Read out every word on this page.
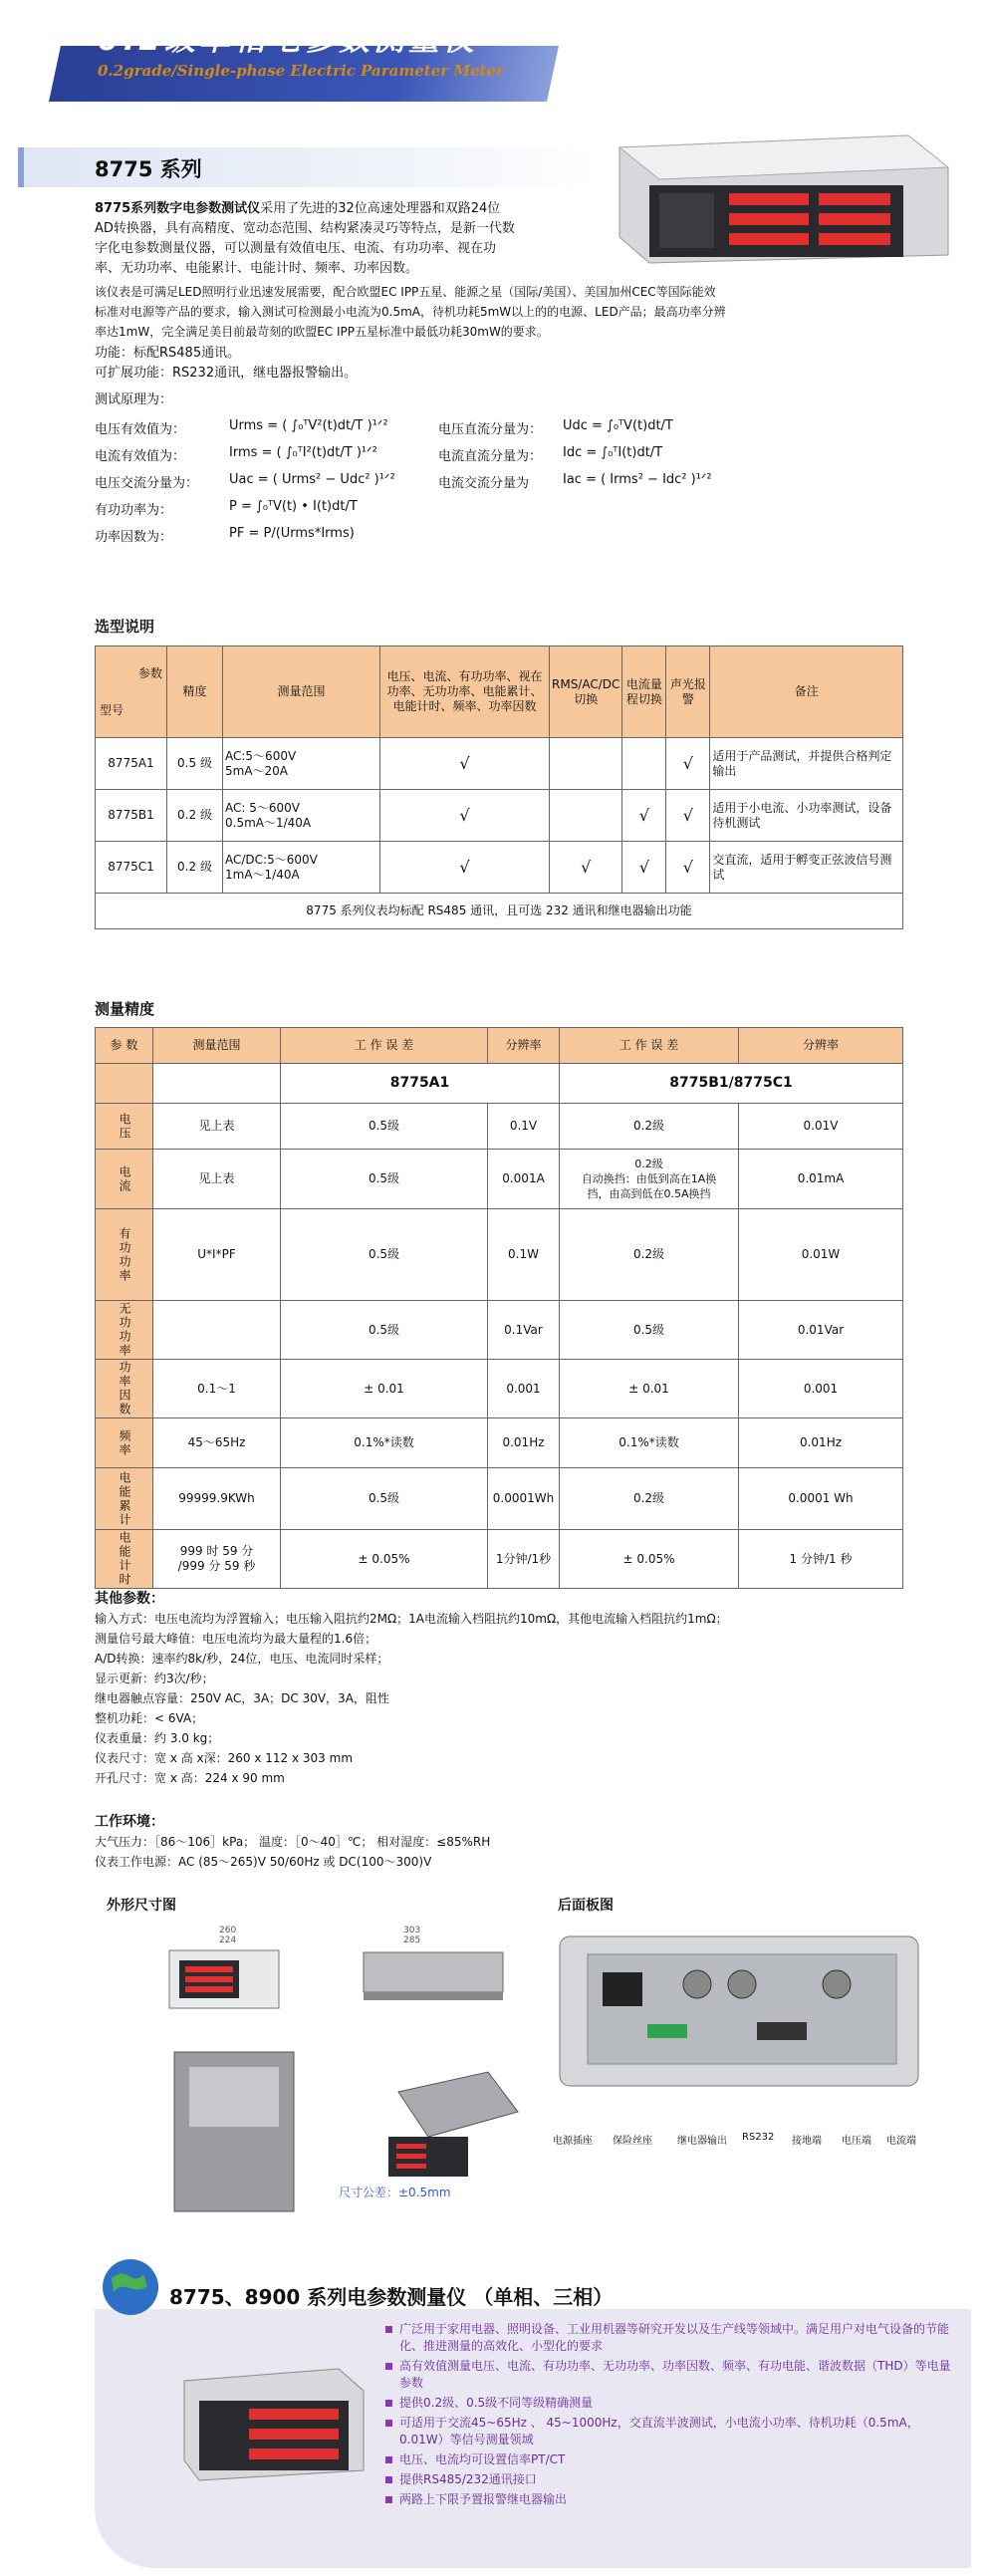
0.2级单相电参数测量仪
0.2grade/Single-phase Electric Parameter Meter
8775 系列
8775系列数字电参数测试仪采用了先进的32位高速处理器和双路24位
AD转换器，具有高精度、宽动态范围、结构紧凑灵巧等特点，是新一代数
字化电参数测量仪器，可以测量有效值电压、电流、有功功率、视在功
率、无功功率、电能累计、电能计时、频率、功率因数。
该仪表是可满足LED照明行业迅速发展需要，配合欧盟EC IPP五星、能源之星（国际/美国）、美国加州CEC等国际能效
标准对电源等产品的要求，输入测试可检测最小电流为0.5mA，待机功耗5mW以上的的电源、LED产品；最高功率分辨
率达1mW，完全满足美目前最苛刻的欧盟EC IPP五星标准中最低功耗30mW的要求。
功能：标配RS485通讯。
可扩展功能：RS232通讯，继电器报警输出。
测试原理为：
电压有效值为：	Urms = ( ∫₀ᵀV²(t)dt/T )¹ᐟ²
电流有效值为：	Irms = ( ∫₀ᵀI²(t)dt/T )¹ᐟ²
电压交流分量为： Uac = ( Urms² − Udc² )¹ᐟ²
有功功率为：	P = ∫₀ᵀV(t) • I(t)dt/T
功率因数为：	PF = P/(Urms*Irms)
电压直流分量为： Udc = ∫₀ᵀV(t)dt/T
电流直流分量为： Idc = ∫₀ᵀI(t)dt/T
电流交流分量为	Iac = ( Irms² − Idc² )¹ᐟ²
选型说明
参数
型号	精度	测量范围	电压、电流、有功功率、视在功率、无功功率、电能累计、电能计时、频率、功率因数	RMS/AC/DC切换	电流量程切换	声光报警	备注
8775A1	0.5 级	AC:5～600V
5mA～20A	√			√	适用于产品测试，并提供合格判定输出
8775B1	0.2 级	AC: 5～600V
0.5mA～1/40A	√		√	√	适用于小电流、小功率测试，设备待机测试
8775C1	0.2 级	AC/DC:5～600V
1mA～1/40A	√	√	√	√	交直流，适用于孵变正弦波信号测试
8775 系列仪表均标配 RS485 通讯，且可选 232 通讯和继电器输出功能							
测量精度
参 数	测量范围	工 作 误 差	分辨率	工 作 误 差	分辨率
		8775A1		8775B1/8775C1	
电压	见上表	0.5级	0.1V	0.2级	0.01V
电流	见上表	0.5级	0.001A	0.2级
自动换挡：由低到高在1A换
挡，由高到低在0.5A换挡	0.01mA
有功功率	U*I*PF	0.5级	0.1W	0.2级	0.01W
无功功率		0.5级	0.1Var	0.5级	0.01Var
功率因数	0.1～1	± 0.01	0.001	± 0.01	0.001
频率	45～65Hz	0.1%*读数	0.01Hz	0.1%*读数	0.01Hz
电能累计	99999.9KWh	0.5级	0.0001Wh	0.2级	0.0001 Wh
电能计时	999 时 59 分
/999 分 59 秒	± 0.05%	1分钟/1秒	± 0.05%	1 分钟/1 秒
其他参数：
输入方式：电压电流均为浮置输入；电压输入阻抗约2MΩ；1A电流输入档阻抗约10mΩ，其他电流输入档阻抗约1mΩ；
测量信号最大峰值：电压电流均为最大量程的1.6倍；
A/D转换：速率约8k/秒，24位，电压、电流同时采样；
显示更新：约3次/秒；
继电器触点容量：250V AC，3A；DC 30V，3A，阻性
整机功耗：< 6VA；
仪表重量：约 3.0 kg；
仪表尺寸：宽 x 高 x深：260 x 112 x 303 mm
开孔尺寸：宽 x 高：224 x 90 mm
工作环境：
大气压力：［86～106］kPa； 温度：［0～40］℃； 相对湿度：≤85%RH
仪表工作电源：AC (85～265)V 50/60Hz 或 DC(100～300)V
外形尺寸图
260
224
303
285
尺寸公差：±0.5mm
后面板图
电源插座 保险丝座	继电器输出 RS232 接地端 电压端 电流端
8775、8900 系列电参数测量仪 （单相、三相）
广泛用于家用电器、照明设备、工业用机器等研究开发以及生产线等领域中。满足用户对电气设备的节能化、推进测量的高效化、小型化的要求
高有效值测量电压、电流、有功功率、无功功率、功率因数、频率、有功电能、谐波数据（THD）等电量参数
提供0.2级、0.5级不同等级精确测量
可适用于交流45~65Hz 、 45~1000Hz，交直流半波测试，小电流小功率、待机功耗（0.5mA，0.01W）等信号测量领域
电压、电流均可设置信率PT/CT
提供RS485/232通讯接口
两路上下限予置报警继电器输出
